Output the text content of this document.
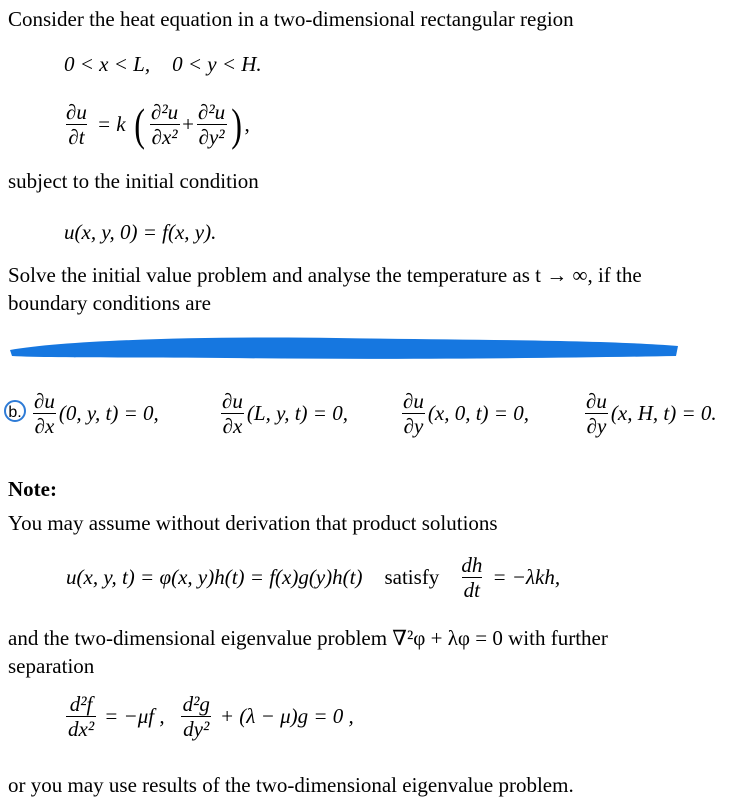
Consider the heat equation in a two-dimensional rectangular region
0 < x < L, 0 < y < H.
$\frac{\partial u}{\partial t} = k$ ( $\frac{\text{∂²u}}{\text{∂x²}} + \frac{\text{∂²u}}{\text{∂y²}}$ ) ,
subject to the initial condition
u(x, y, 0) = f(x, y).
Solve the initial value problem and analyse the temperature as t → ∞, if the
boundary conditions are
b. $\frac{\partial u}{\partial x} (0$, y, t) = 0,	$\frac{\partial u}{\partial x} (L$, y, t) = 0,	$\frac{\partial u}{\partial y} (x$, 0, t) = 0,	$\frac{\partial u}{\partial y} (x$, H, t) = 0.
Note:
You may assume without derivation that product solutions
u(x, y, t) = φ(x, y)h(t) = f(x)g(y)h(t) satisfy $\frac{dh}{dt} = -\lambda kh$,
and the two-dimensional eigenvalue problem ∇²φ + λφ = 0 with further
separation
$\frac{\text{d²f}}{\text{dx²}} = -\mu f$ , $\frac{\text{d²g}}{\text{dy²}} + (\lambda - \mu)g = 0$ ,
or you may use results of the two-dimensional eigenvalue problem.
